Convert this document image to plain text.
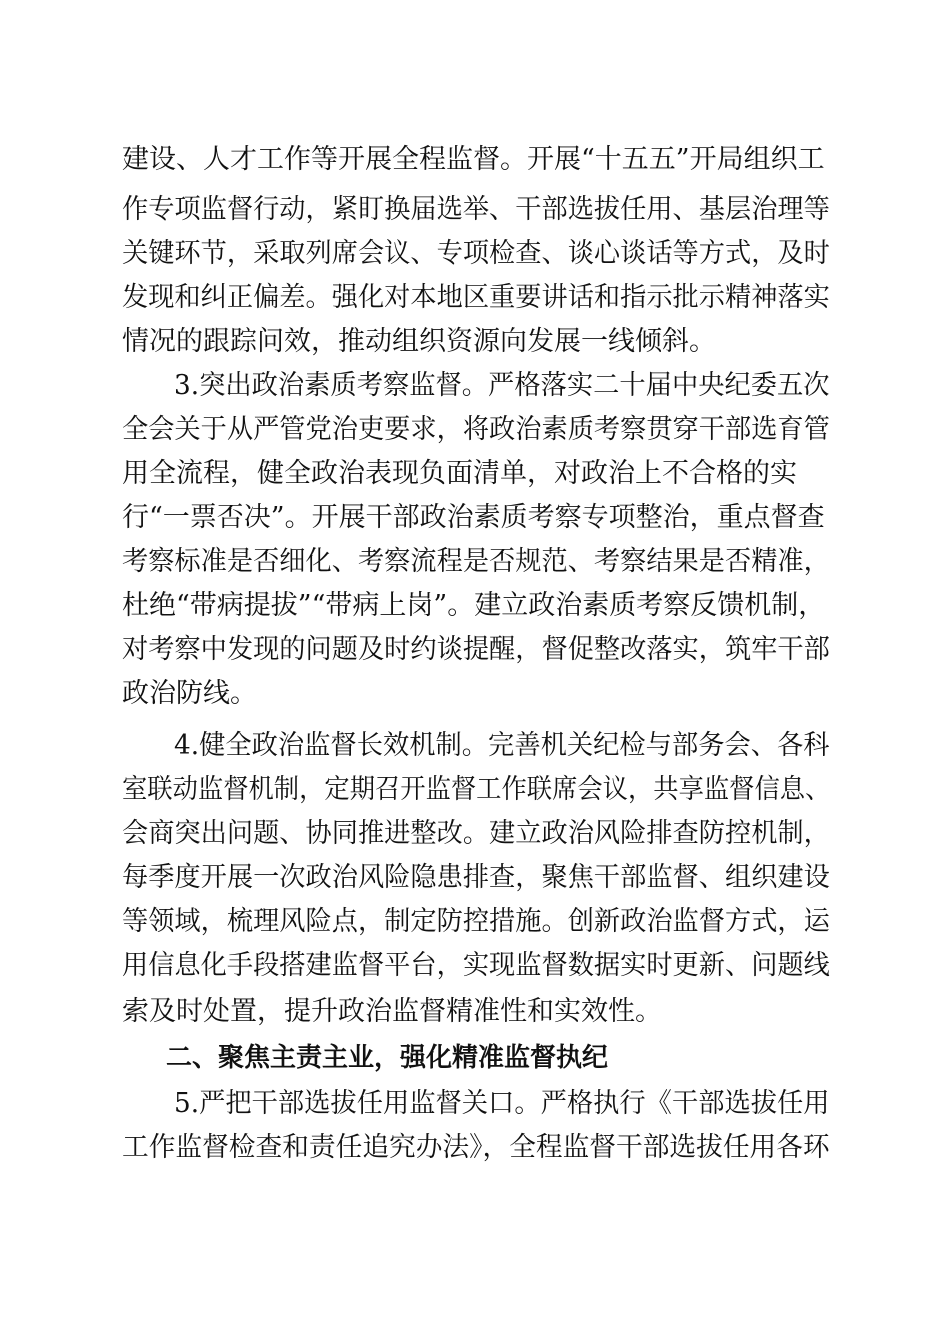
建设、人才工作等开展全程监督。开展“十五五”开局组织工
作专项监督行动，紧盯换届选举、干部选拔任用、基层治理等
关键环节，采取列席会议、专项检查、谈心谈话等方式，及时
发现和纠正偏差。强化对本地区重要讲话和指示批示精神落实
情况的跟踪问效，推动组织资源向发展一线倾斜。
3.突出政治素质考察监督。严格落实二十届中央纪委五次
全会关于从严管党治吏要求，将政治素质考察贯穿干部选育管
用全流程，健全政治表现负面清单，对政治上不合格的实
行“一票否决”。开展干部政治素质考察专项整治，重点督查
考察标准是否细化、考察流程是否规范、考察结果是否精准，
杜绝“带病提拔”“带病上岗”。建立政治素质考察反馈机制，
对考察中发现的问题及时约谈提醒，督促整改落实，筑牢干部
政治防线。
4.健全政治监督长效机制。完善机关纪检与部务会、各科
室联动监督机制，定期召开监督工作联席会议，共享监督信息、
会商突出问题、协同推进整改。建立政治风险排查防控机制，
每季度开展一次政治风险隐患排查，聚焦干部监督、组织建设
等领域，梳理风险点，制定防控措施。创新政治监督方式，运
用信息化手段搭建监督平台，实现监督数据实时更新、问题线
索及时处置，提升政治监督精准性和实效性。
二、聚焦主责主业，强化精准监督执纪
5.严把干部选拔任用监督关口。严格执行《干部选拔任用
工作监督检查和责任追究办法》，全程监督干部选拔任用各环
